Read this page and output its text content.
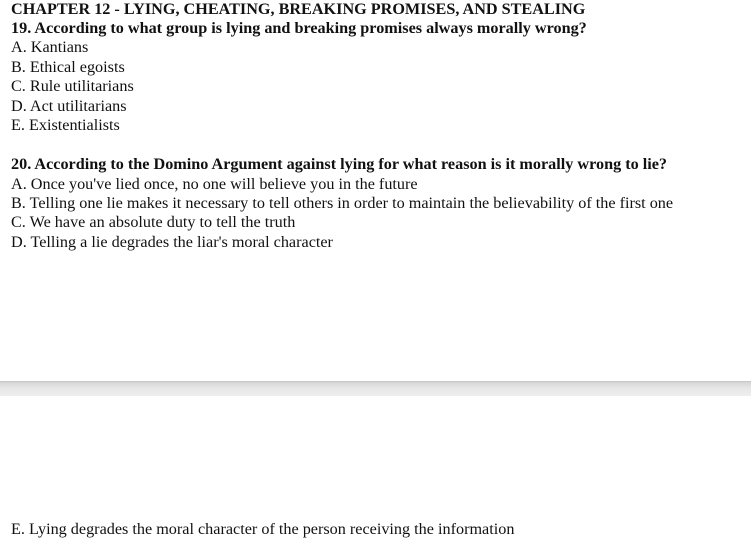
CHAPTER 12 - LYING, CHEATING, BREAKING PROMISES, AND STEALING
19. According to what group is lying and breaking promises always morally wrong?
A. Kantians
B. Ethical egoists
C. Rule utilitarians
D. Act utilitarians
E. Existentialists
20. According to the Domino Argument against lying for what reason is it morally wrong to lie?
A. Once you've lied once, no one will believe you in the future
B. Telling one lie makes it necessary to tell others in order to maintain the believability of the first one
C. We have an absolute duty to tell the truth
D. Telling a lie degrades the liar's moral character
E. Lying degrades the moral character of the person receiving the information
